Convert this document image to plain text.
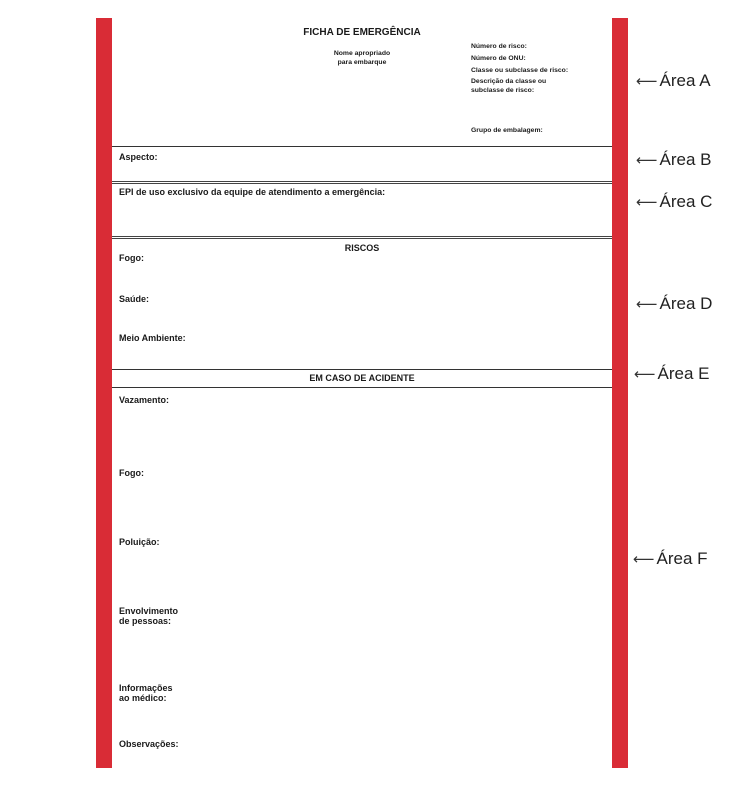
FICHA DE EMERGÊNCIA
Nome apropriado
para embarque
Número de risco:
Número de ONU:
Classe ou subclasse de risco:
Descrição da classe ou
subclasse de risco:
Grupo de embalagem:
Aspecto:
EPI de uso exclusivo da equipe de atendimento a emergência:
RISCOS
Fogo:
Saúde:
Meio Ambiente:
EM CASO DE ACIDENTE
Vazamento:
Fogo:
Poluição:
Envolvimento
de pessoas:
Informações
ao médico:
Observações:
⟵ Área A
⟵ Área B
⟵ Área C
⟵ Área D
⟵ Área E
⟵ Área F
